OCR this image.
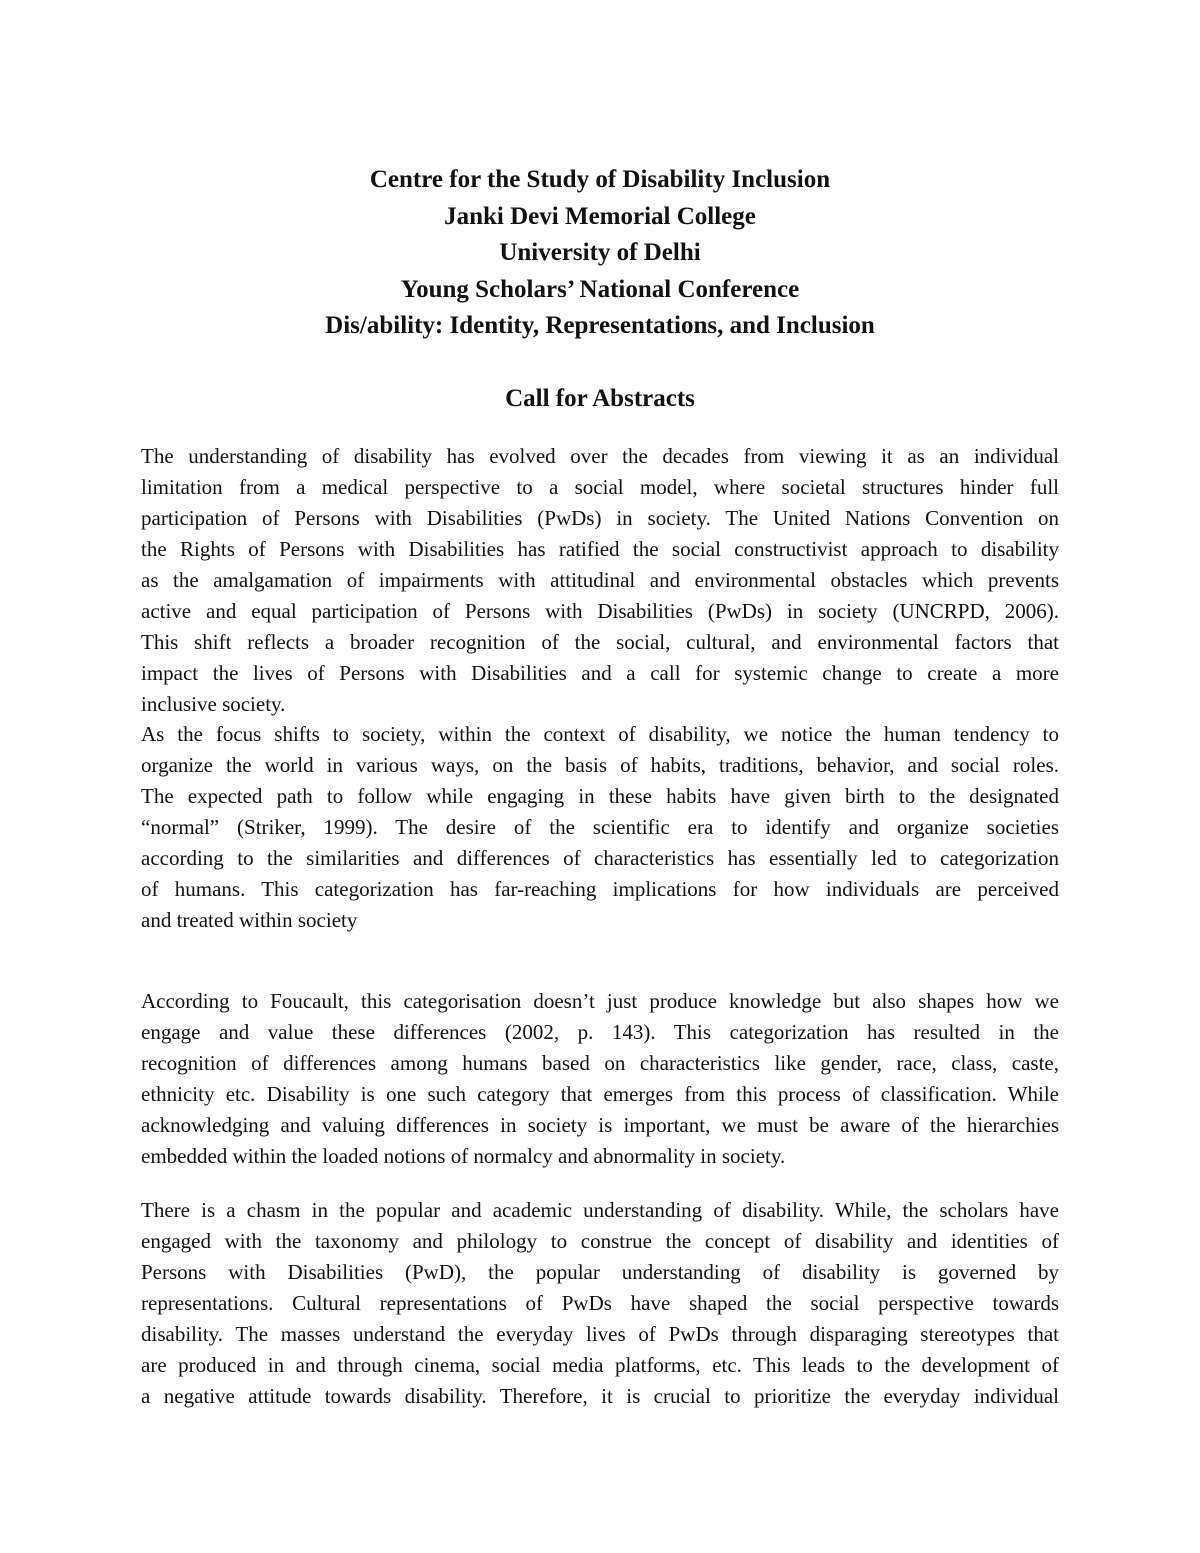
Centre for the Study of Disability Inclusion
Janki Devi Memorial College
University of Delhi
Young Scholars’ National Conference
Dis/ability: Identity, Representations, and Inclusion
Call for Abstracts
The understanding of disability has evolved over the decades from viewing it as an individual
limitation from a medical perspective to a social model, where societal structures hinder full
participation of Persons with Disabilities (PwDs) in society. The United Nations Convention on
the Rights of Persons with Disabilities has ratified the social constructivist approach to disability
as the amalgamation of impairments with attitudinal and environmental obstacles which prevents
active and equal participation of Persons with Disabilities (PwDs) in society (UNCRPD, 2006).
This shift reflects a broader recognition of the social, cultural, and environmental factors that
impact the lives of Persons with Disabilities and a call for systemic change to create a more
inclusive society.
As the focus shifts to society, within the context of disability, we notice the human tendency to
organize the world in various ways, on the basis of habits, traditions, behavior, and social roles.
The expected path to follow while engaging in these habits have given birth to the designated
“normal” (Striker, 1999). The desire of the scientific era to identify and organize societies
according to the similarities and differences of characteristics has essentially led to categorization
of humans. This categorization has far-reaching implications for how individuals are perceived
and treated within society
According to Foucault, this categorisation doesn’t just produce knowledge but also shapes how we
engage and value these differences (2002, p. 143). This categorization has resulted in the
recognition of differences among humans based on characteristics like gender, race, class, caste,
ethnicity etc. Disability is one such category that emerges from this process of classification. While
acknowledging and valuing differences in society is important, we must be aware of the hierarchies
embedded within the loaded notions of normalcy and abnormality in society.
There is a chasm in the popular and academic understanding of disability. While, the scholars have
engaged with the taxonomy and philology to construe the concept of disability and identities of
Persons with Disabilities (PwD), the popular understanding of disability is governed by
representations. Cultural representations of PwDs have shaped the social perspective towards
disability. The masses understand the everyday lives of PwDs through disparaging stereotypes that
are produced in and through cinema, social media platforms, etc. This leads to the development of
a negative attitude towards disability. Therefore, it is crucial to prioritize the everyday individual
